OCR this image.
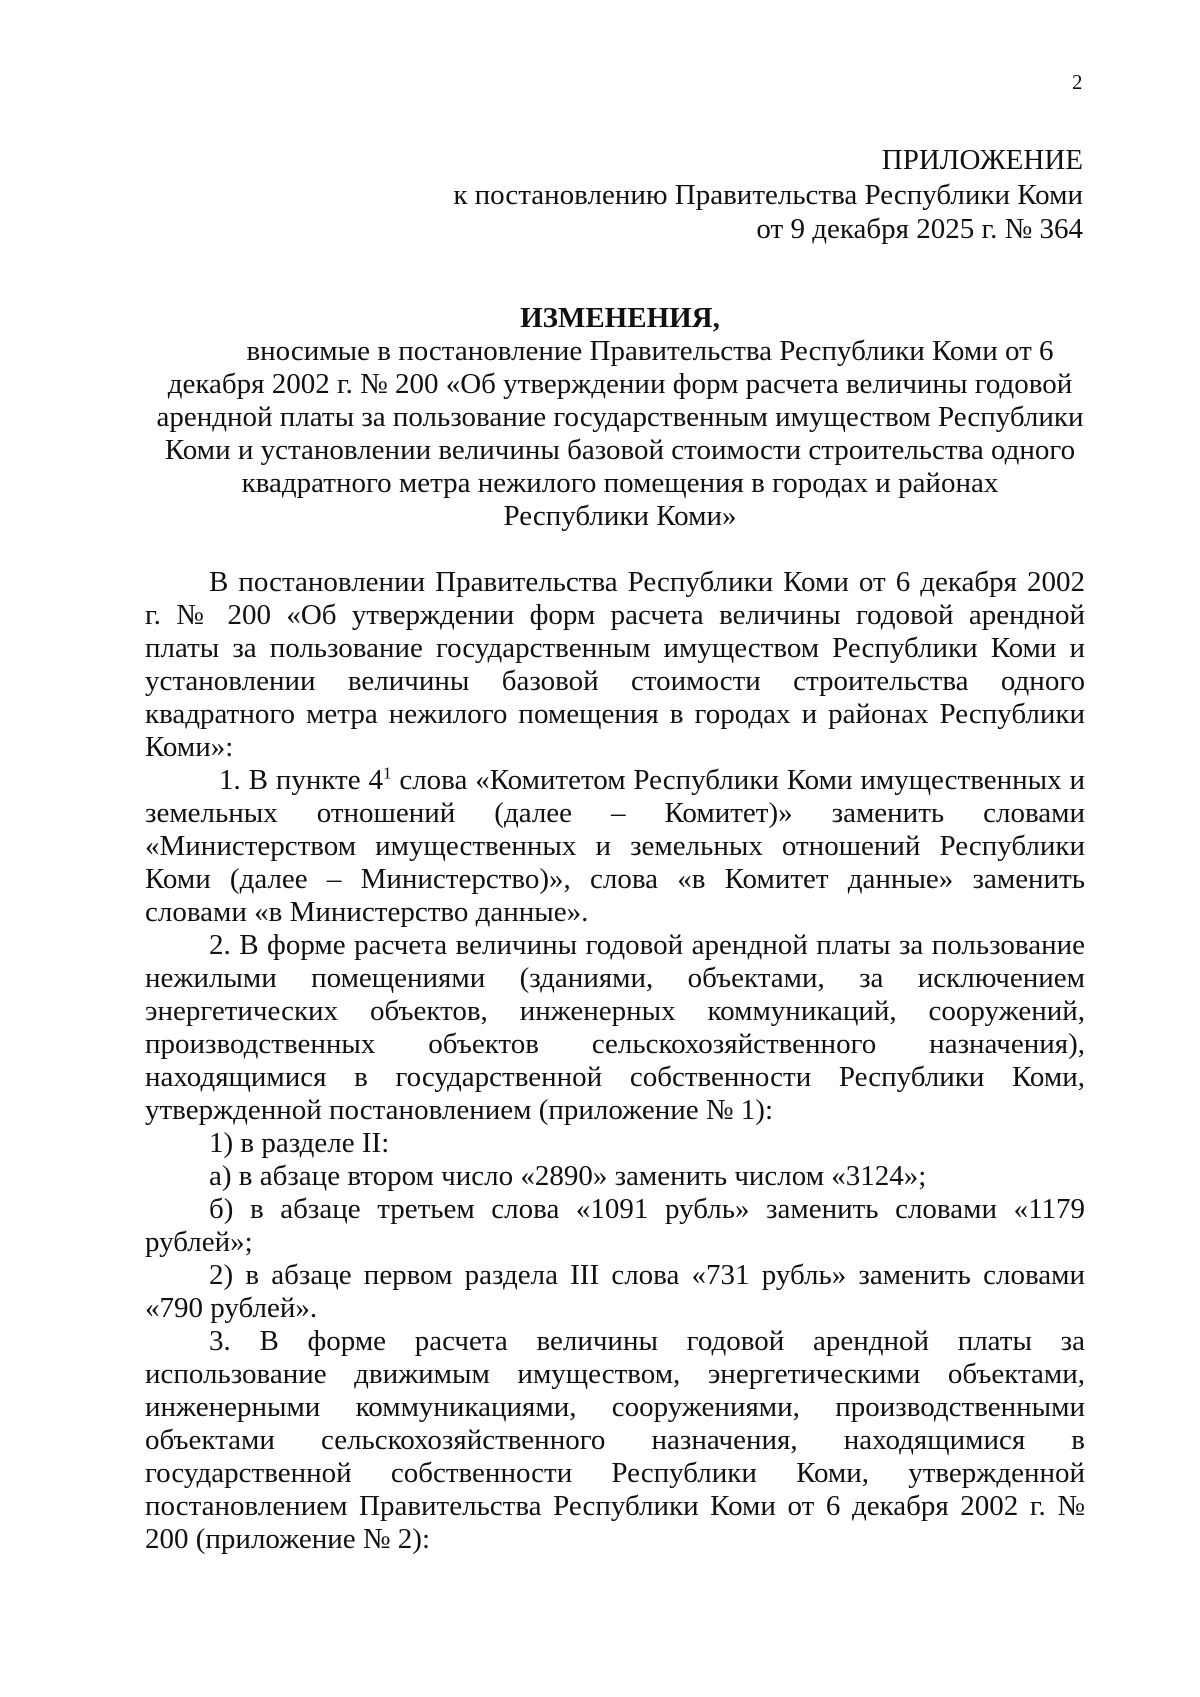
2
ПРИЛОЖЕНИЕ
к постановлению Правительства Республики Коми
от 9 декабря 2025 г. № 364
ИЗМЕНЕНИЯ,
вносимые в постановление Правительства Республики Коми от 6
декабря 2002 г. № 200 «Об утверждении форм расчета величины годовой
арендной платы за пользование государственным имуществом Республики
Коми и установлении величины базовой стоимости строительства одного
квадратного метра нежилого помещения в городах и районах
Республики Коми»

В постановлении Правительства Республики Коми от 6 декабря 2002 г. № 200 «Об утверждении форм расчета величины годовой арендной платы за пользование государственным имуществом Республики Коми и установлении величины базовой стоимости строительства одного квадратного метра нежилого помещения в городах и районах Республики Коми»:

1. В пункте $4^1$ слова «Комитетом Республики Коми имущественных и земельных отношений (далее – Комитет)» заменить словами «Министерством имущественных и земельных отношений Республики Коми (далее – Министерство)», слова «в Комитет данные» заменить словами «в Министерство данные».

2. В форме расчета величины годовой арендной платы за пользование нежилыми помещениями (зданиями, объектами, за исключением энергетических объектов, инженерных коммуникаций, сооружений, производственных объектов сельскохозяйственного назначения), находящимися в государственной собственности Республики Коми, утвержденной постановлением (приложение № 1):

1) в разделе II:

а) в абзаце втором число «2890» заменить числом «3124»;

б) в абзаце третьем слова «1091 рубль» заменить словами «1179 рублей»;

2) в абзаце первом раздела III слова «731 рубль» заменить словами «790 рублей».

3. В форме расчета величины годовой арендной платы за использование движимым имуществом, энергетическими объектами, инженерными коммуникациями, сооружениями, производственными объектами сельскохозяйственного назначения, находящимися в государственной собственности Республики Коми, утвержденной постановлением Правительства Республики Коми от 6 декабря 2002 г. № 200 (приложение № 2):
